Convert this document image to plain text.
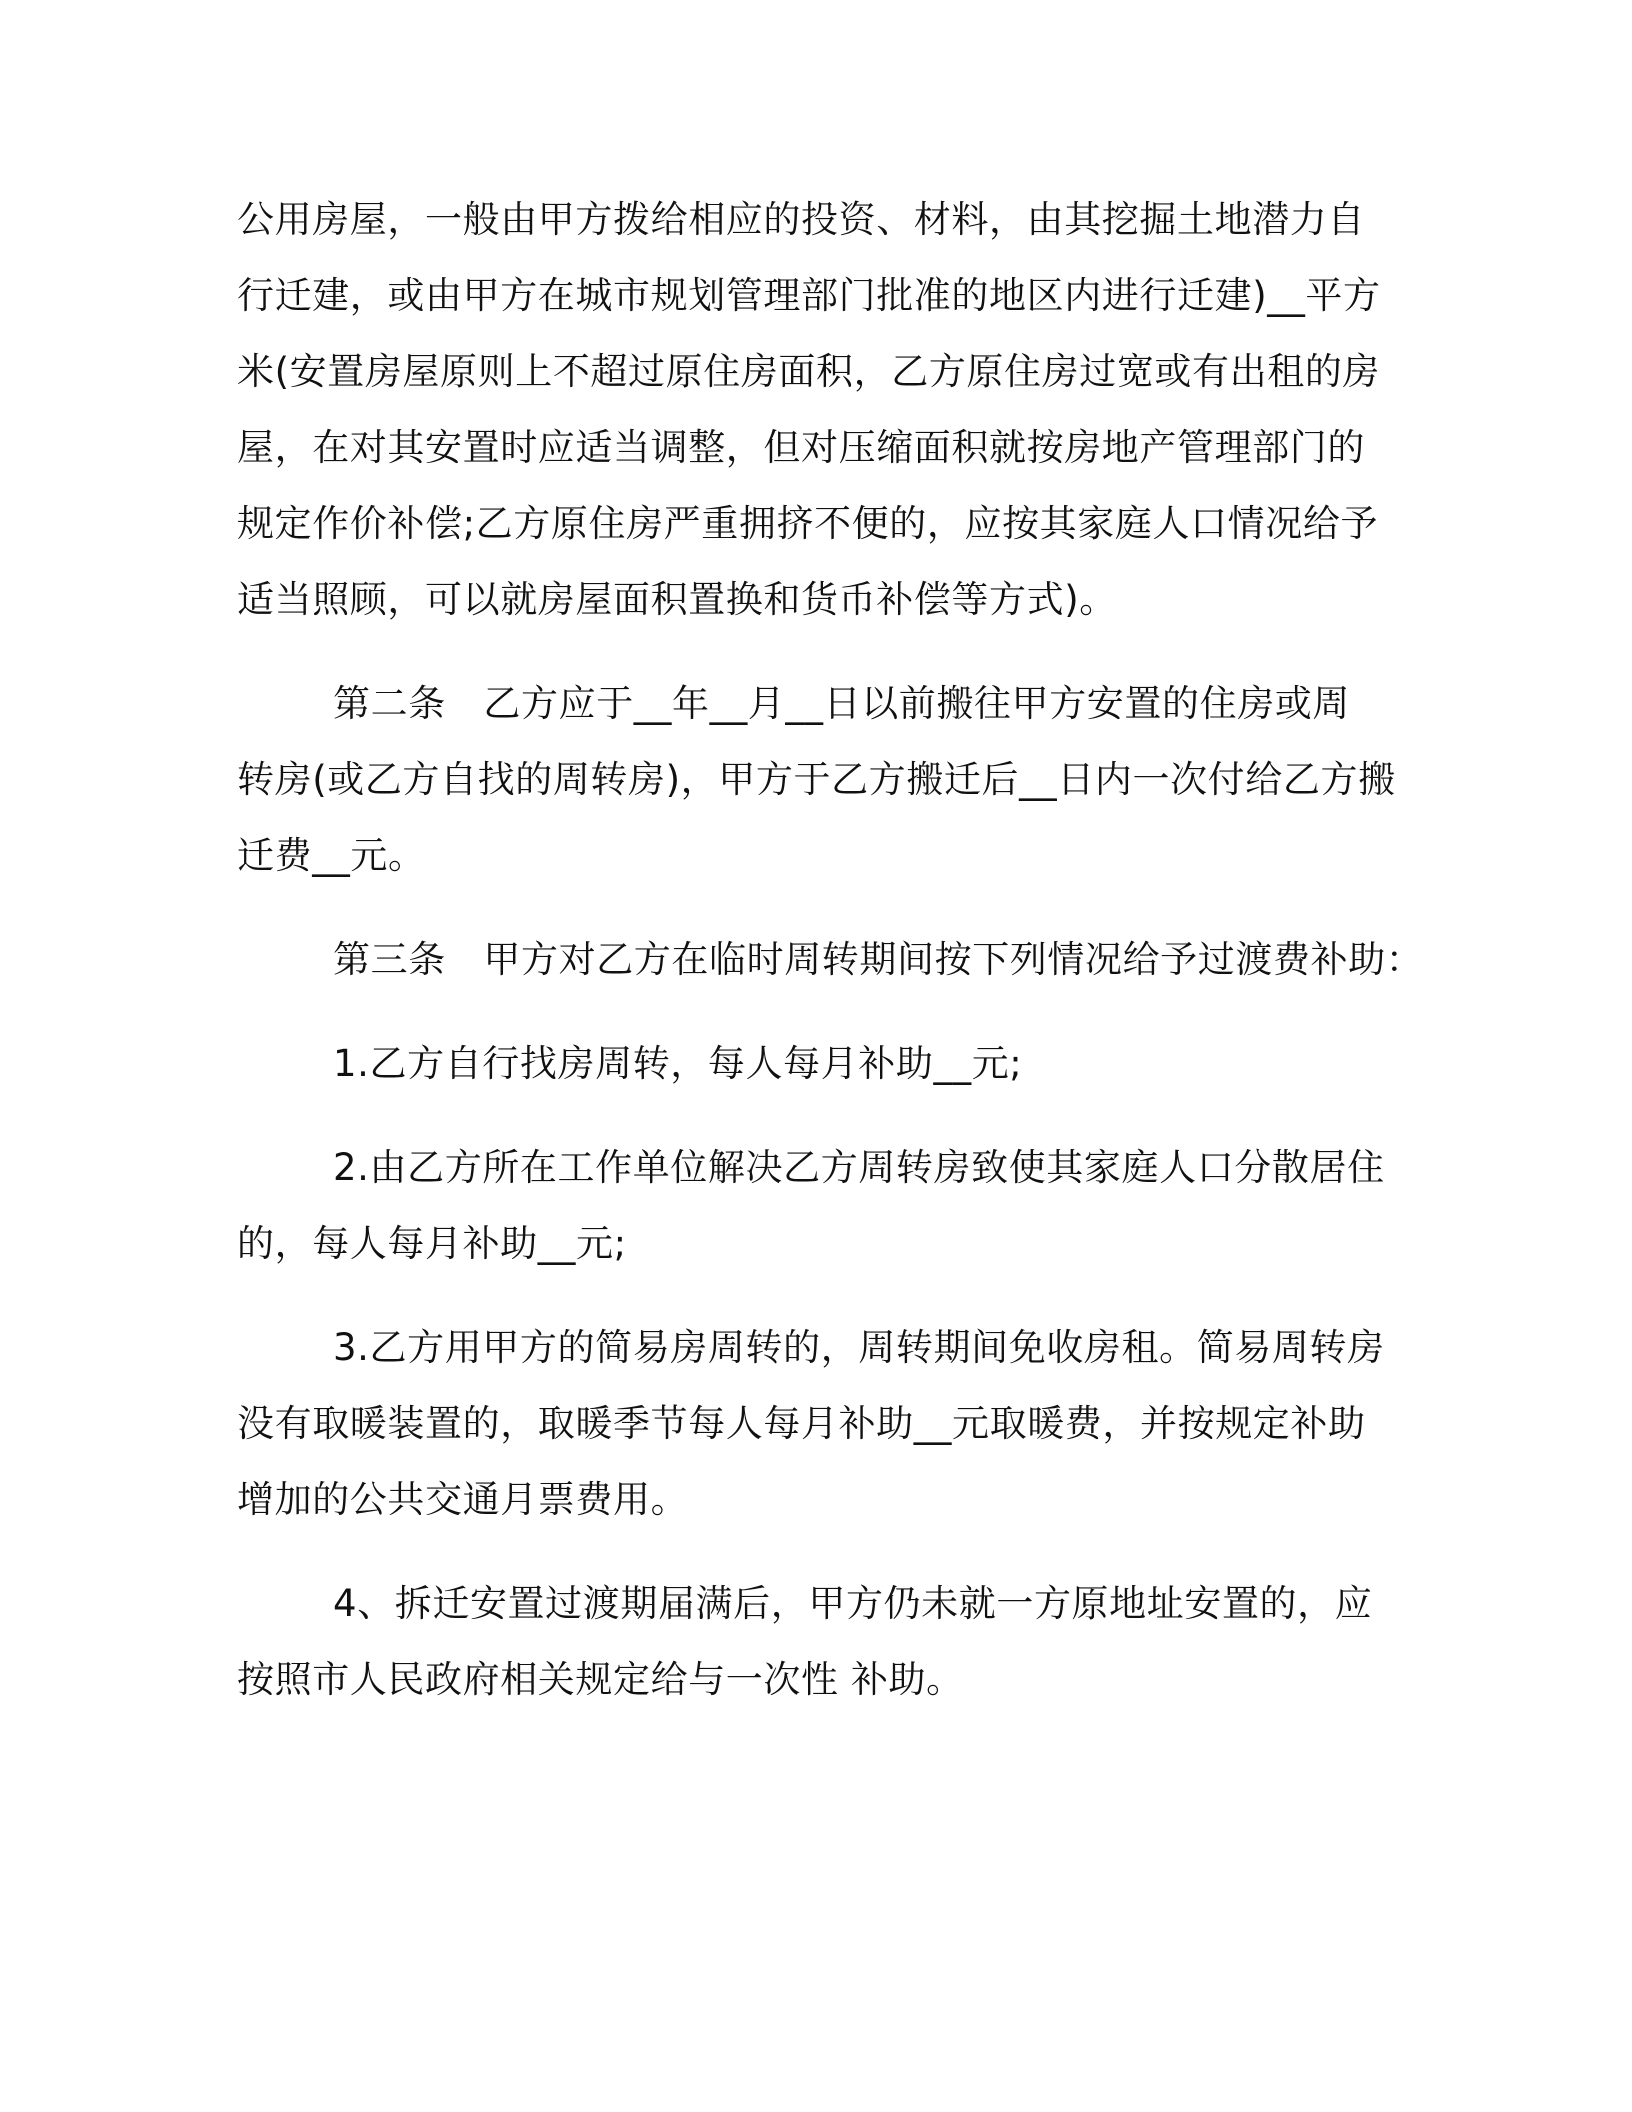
公用房屋，一般由甲方拨给相应的投资、材料，由其挖掘土地潜力自
行迁建，或由甲方在城市规划管理部门批准的地区内进行迁建)__平方
米(安置房屋原则上不超过原住房面积，乙方原住房过宽或有出租的房
屋，在对其安置时应适当调整，但对压缩面积就按房地产管理部门的
规定作价补偿;乙方原住房严重拥挤不便的，应按其家庭人口情况给予
适当照顾，可以就房屋面积置换和货币补偿等方式)。
第二条　乙方应于__年__月__日以前搬往甲方安置的住房或周
转房(或乙方自找的周转房)，甲方于乙方搬迁后__日内一次付给乙方搬
迁费__元。
第三条　甲方对乙方在临时周转期间按下列情况给予过渡费补助：
1.乙方自行找房周转，每人每月补助__元;
2.由乙方所在工作单位解决乙方周转房致使其家庭人口分散居住
的，每人每月补助__元;
3.乙方用甲方的简易房周转的，周转期间免收房租。简易周转房
没有取暖装置的，取暖季节每人每月补助__元取暖费，并按规定补助
增加的公共交通月票费用。
4、拆迁安置过渡期届满后，甲方仍未就一方原地址安置的，应
按照市人民政府相关规定给与一次性 补助。
